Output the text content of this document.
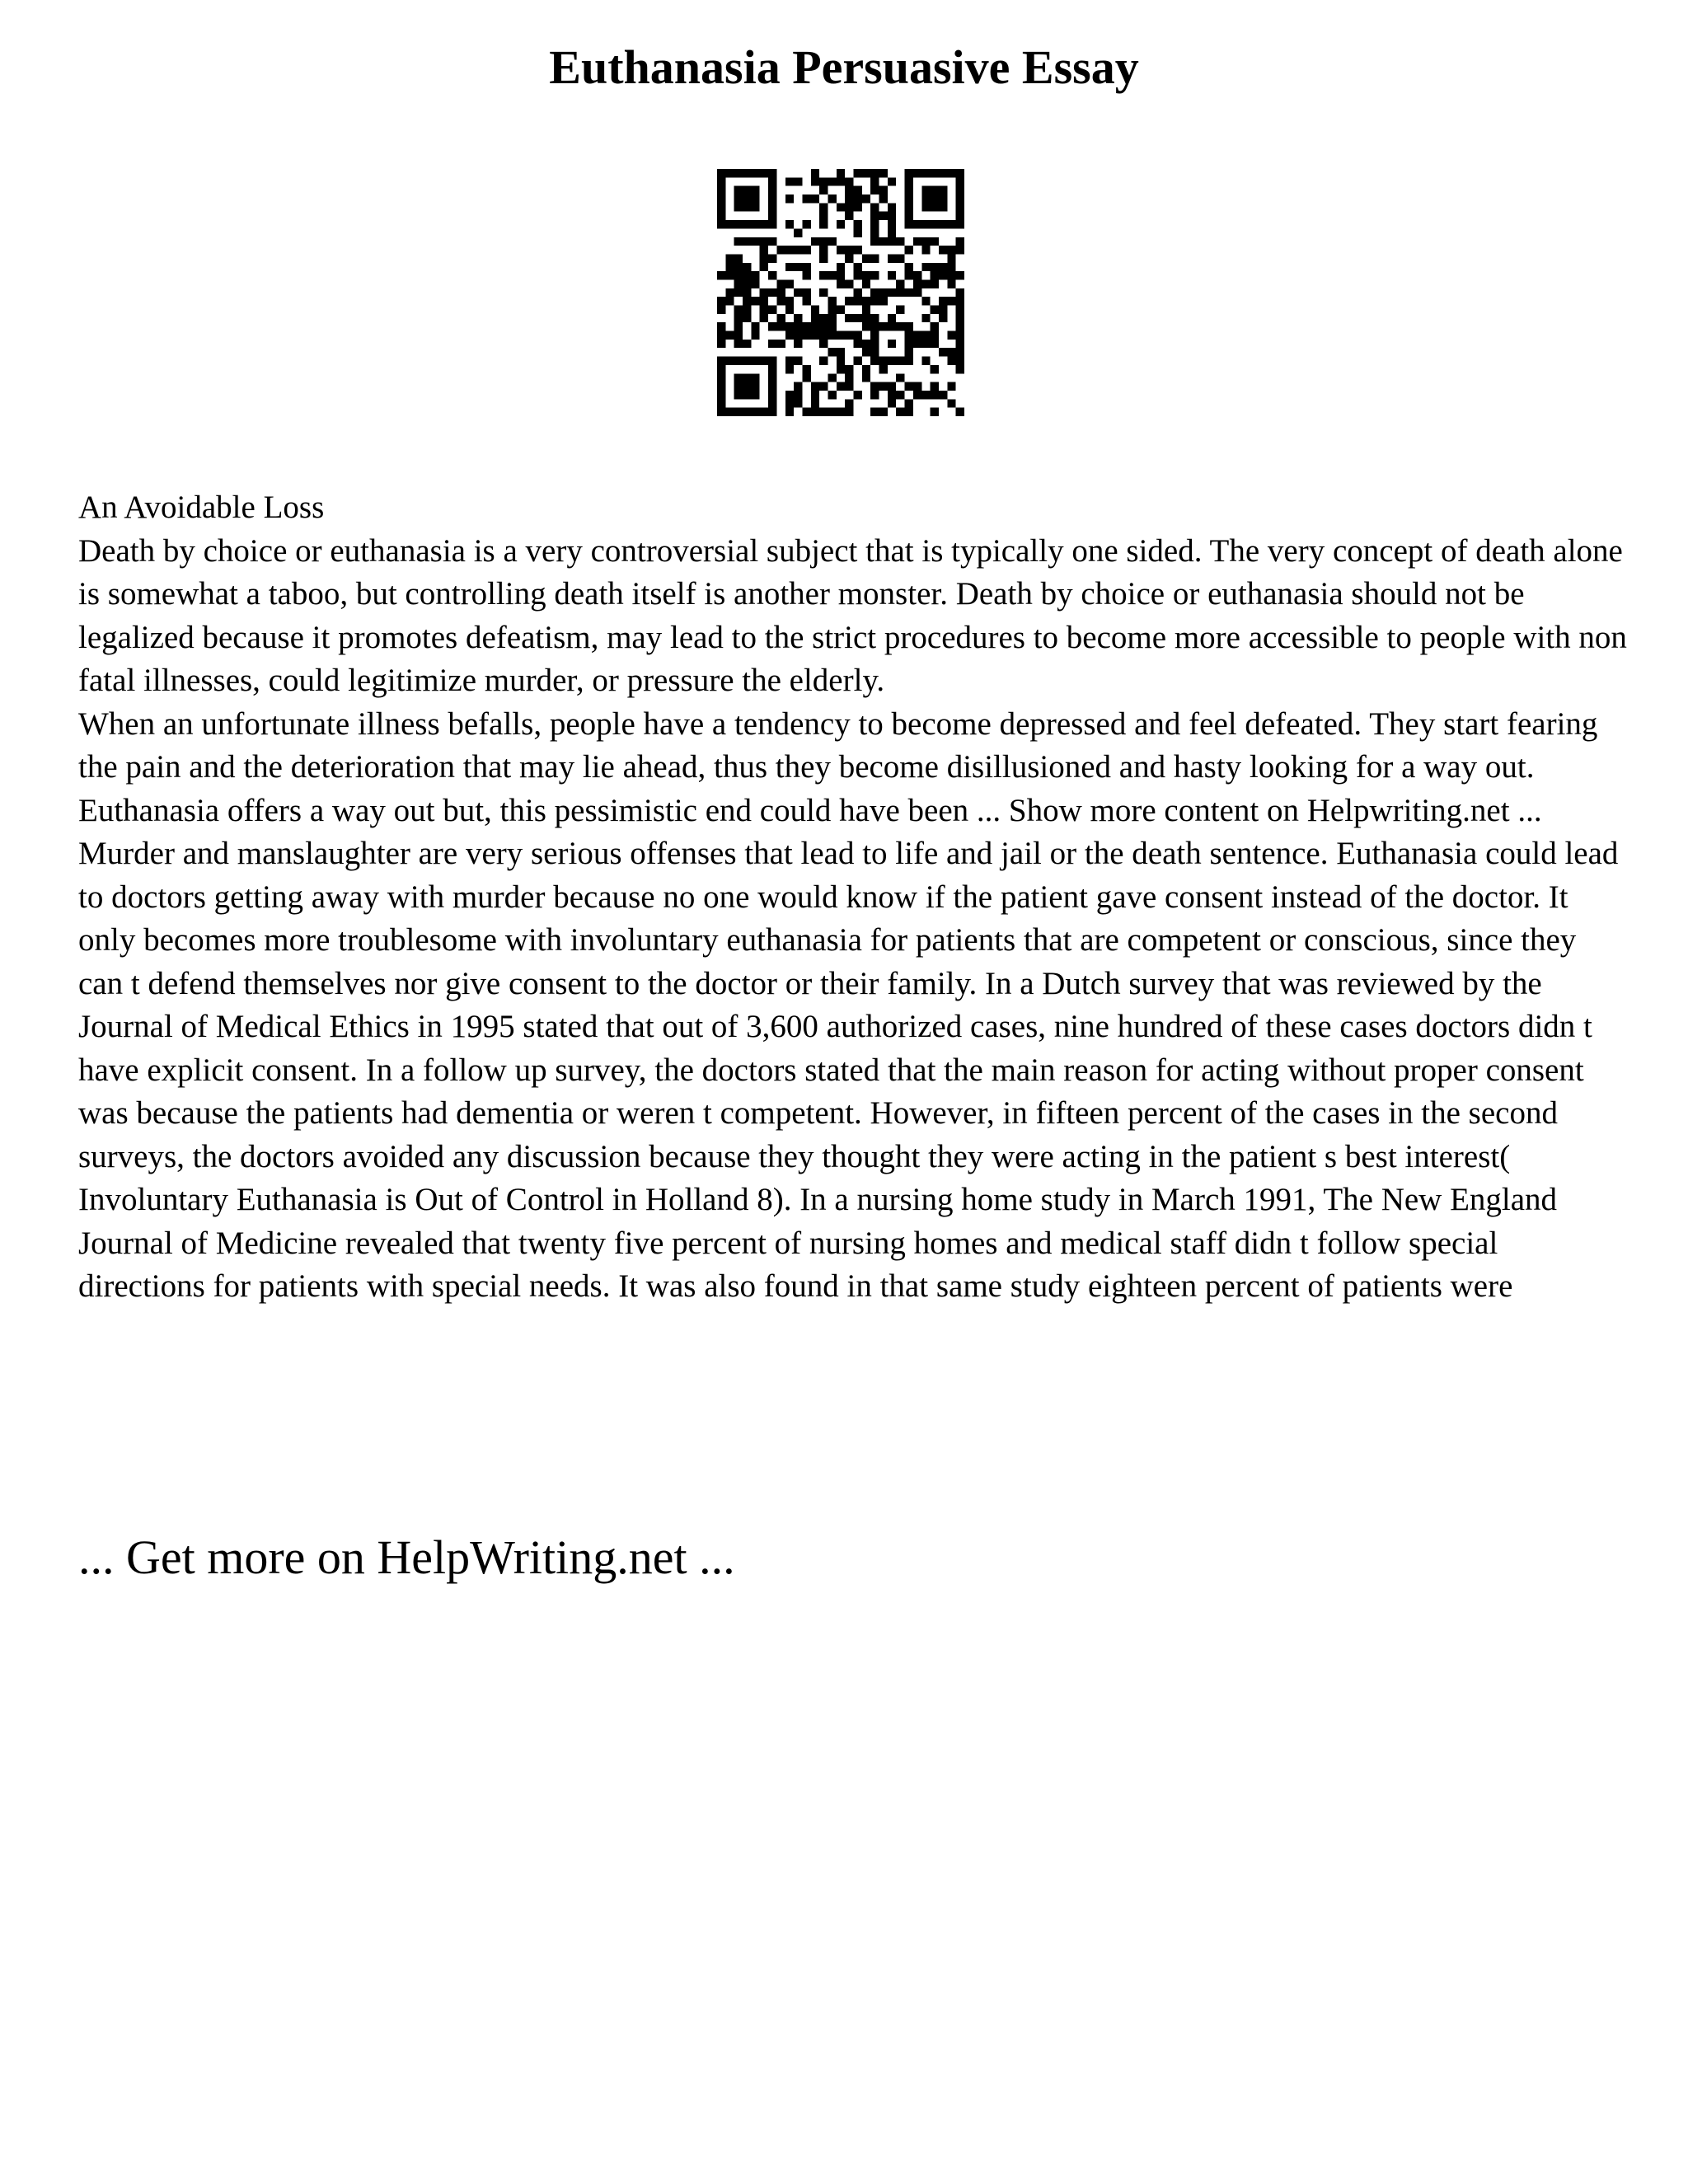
Euthanasia Persuasive Essay

An Avoidable Loss

Death by choice or euthanasia is a very controversial subject that is typically one sided. The very concept of death alone is somewhat a taboo, but controlling death itself is another monster. Death by choice or euthanasia should not be legalized because it promotes defeatism, may lead to the strict procedures to become more accessible to people with non fatal illnesses, could legitimize murder, or pressure the elderly.

When an unfortunate illness befalls, people have a tendency to become depressed and feel defeated. They start fearing the pain and the deterioration that may lie ahead, thus they become disillusioned and hasty looking for a way out. Euthanasia offers a way out but, this pessimistic end could have been ... Show more content on Helpwriting.net ...

Murder and manslaughter are very serious offenses that lead to life and jail or the death sentence. Euthanasia could lead to doctors getting away with murder because no one would know if the patient gave consent instead of the doctor. It only becomes more troublesome with involuntary euthanasia for patients that are competent or conscious, since they can t defend themselves nor give consent to the doctor or their family. In a Dutch survey that was reviewed by the Journal of Medical Ethics in 1995 stated that out of 3,600 authorized cases, nine hundred of these cases doctors didn t have explicit consent. In a follow up survey, the doctors stated that the main reason for acting without proper consent was because the patients had dementia or weren t competent. However, in fifteen percent of the cases in the second surveys, the doctors avoided any discussion because they thought they were acting in the patient s best interest( Involuntary Euthanasia is Out of Control in Holland 8). In a nursing home study in March 1991, The New England Journal of Medicine revealed that twenty five percent of nursing homes and medical staff didn t follow special directions for patients with special needs. It was also found in that same study eighteen percent of patients were

... Get more on HelpWriting.net ...
